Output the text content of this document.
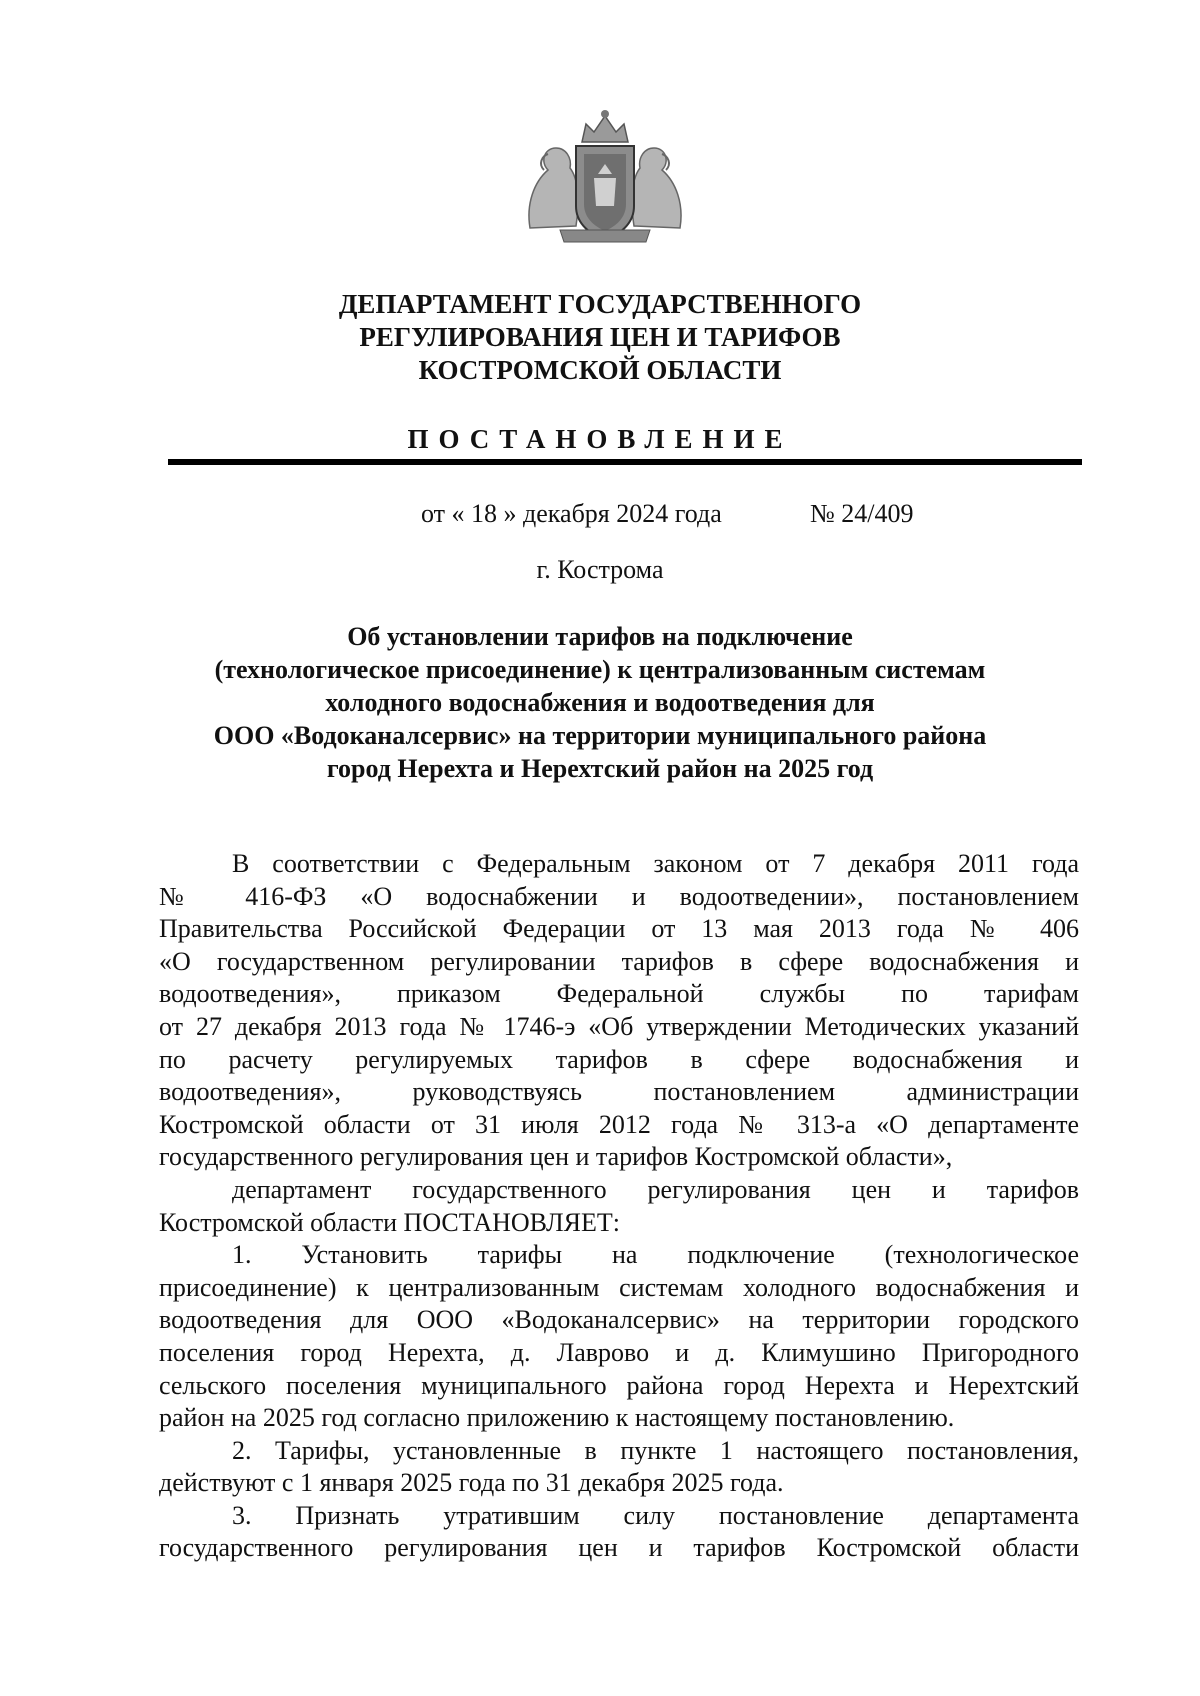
ДЕПАРТАМЕНТ ГОСУДАРСТВЕННОГО
РЕГУЛИРОВАНИЯ ЦЕН И ТАРИФОВ
КОСТРОМСКОЙ ОБЛАСТИ
ПОСТАНОВЛЕНИЕ
от « 18 » декабря 2024 года	№ 24/409
г. Кострома
Об установлении тарифов на подключение
(технологическое присоединение) к централизованным системам
холодного водоснабжения и водоотведения для
ООО «Водоканалсервис» на территории муниципального района
город Нерехта и Нерехтский район на 2025 год
В соответствии с Федеральным законом от 7 декабря 2011 года
№ 416-ФЗ «О водоснабжении и водоотведении», постановлением
Правительства Российской Федерации от 13 мая 2013 года № 406
«О государственном регулировании тарифов в сфере водоснабжения и
водоотведения», приказом Федеральной службы по тарифам
от 27 декабря 2013 года № 1746-э «Об утверждении Методических указаний
по расчету регулируемых тарифов в сфере водоснабжения и
водоотведения», руководствуясь постановлением администрации
Костромской области от 31 июля 2012 года № 313-а «О департаменте
государственного регулирования цен и тарифов Костромской области»,
департамент государственного регулирования цен и тарифов
Костромской области ПОСТАНОВЛЯЕТ:
1. Установить тарифы на подключение (технологическое
присоединение) к централизованным системам холодного водоснабжения и
водоотведения для ООО «Водоканалсервис» на территории городского
поселения город Нерехта, д. Лаврово и д. Климушино Пригородного
сельского поселения муниципального района город Нерехта и Нерехтский
район на 2025 год согласно приложению к настоящему постановлению.
2. Тарифы, установленные в пункте 1 настоящего постановления,
действуют с 1 января 2025 года по 31 декабря 2025 года.
3. Признать утратившим силу постановление департамента
государственного регулирования цен и тарифов Костромской области
